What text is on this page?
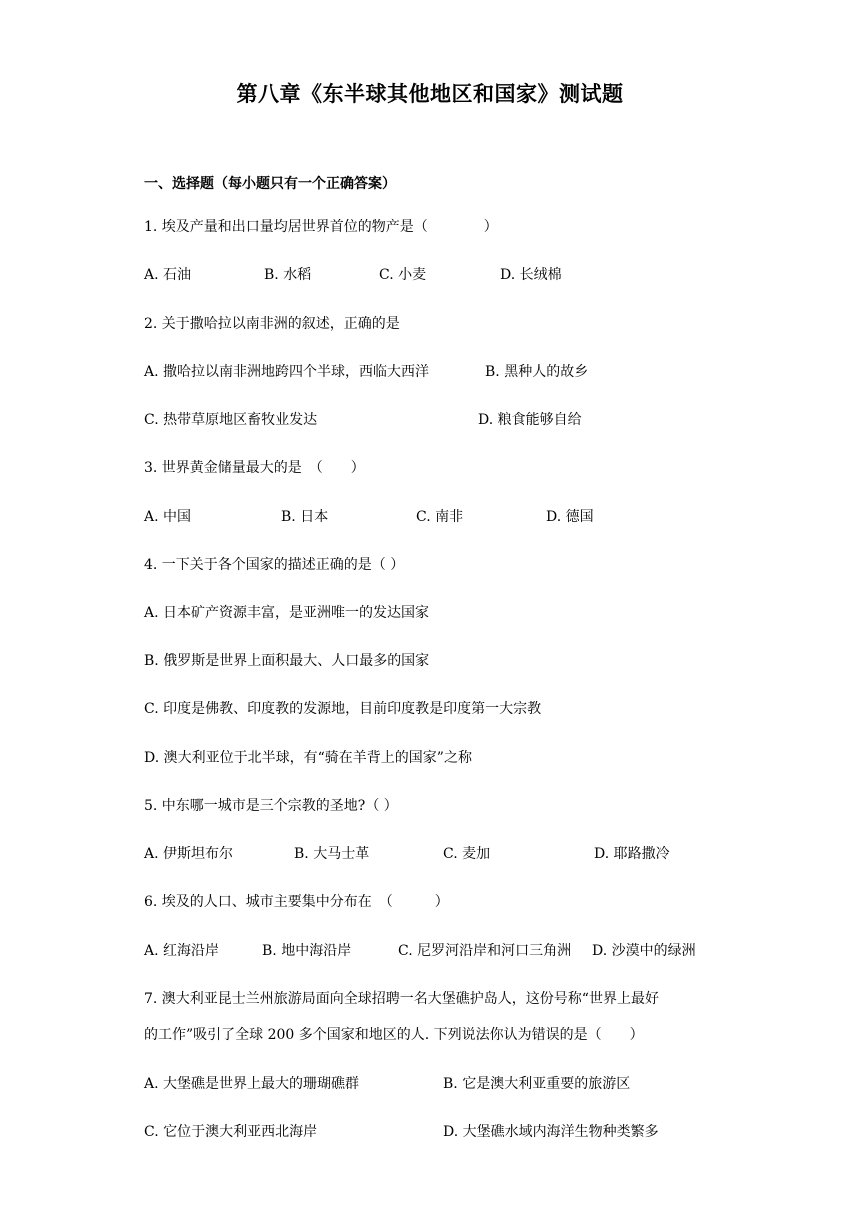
第八章《东半球其他地区和国家》测试题
一、选择题（每小题只有一个正确答案）
1. 埃及产量和出口量均居世界首位的物产是（　　　　）
A. 石油	B. 水稻	C. 小麦	D. 长绒棉
2. 关于撒哈拉以南非洲的叙述，正确的是
A. 撒哈拉以南非洲地跨四个半球，西临大西洋	B. 黑种人的故乡
C. 热带草原地区畜牧业发达	D. 粮食能够自给
3. 世界黄金储量最大的是　（　　）
A. 中国	B. 日本	C. 南非	D. 德国
4. 一下关于各个国家的描述正确的是（ ）
A. 日本矿产资源丰富，是亚洲唯一的发达国家
B. 俄罗斯是世界上面积最大、人口最多的国家
C. 印度是佛教、印度教的发源地，目前印度教是印度第一大宗教
D. 澳大利亚位于北半球，有“骑在羊背上的国家”之称
5. 中东哪一城市是三个宗教的圣地?（ ）
A. 伊斯坦布尔	B. 大马士革	C. 麦加	D. 耶路撒冷
6. 埃及的人口、城市主要集中分布在　（　　　）
A. 红海沿岸	B. 地中海沿岸	C. 尼罗河沿岸和河口三角洲 D. 沙漠中的绿洲
7. 澳大利亚昆士兰州旅游局面向全球招聘一名大堡礁护岛人，这份号称“世界上最好
的工作”吸引了全球 200 多个国家和地区的人. 下列说法你认为错误的是（　　）
A. 大堡礁是世界上最大的珊瑚礁群	B. 它是澳大利亚重要的旅游区
C. 它位于澳大利亚西北海岸	D. 大堡礁水域内海洋生物种类繁多
